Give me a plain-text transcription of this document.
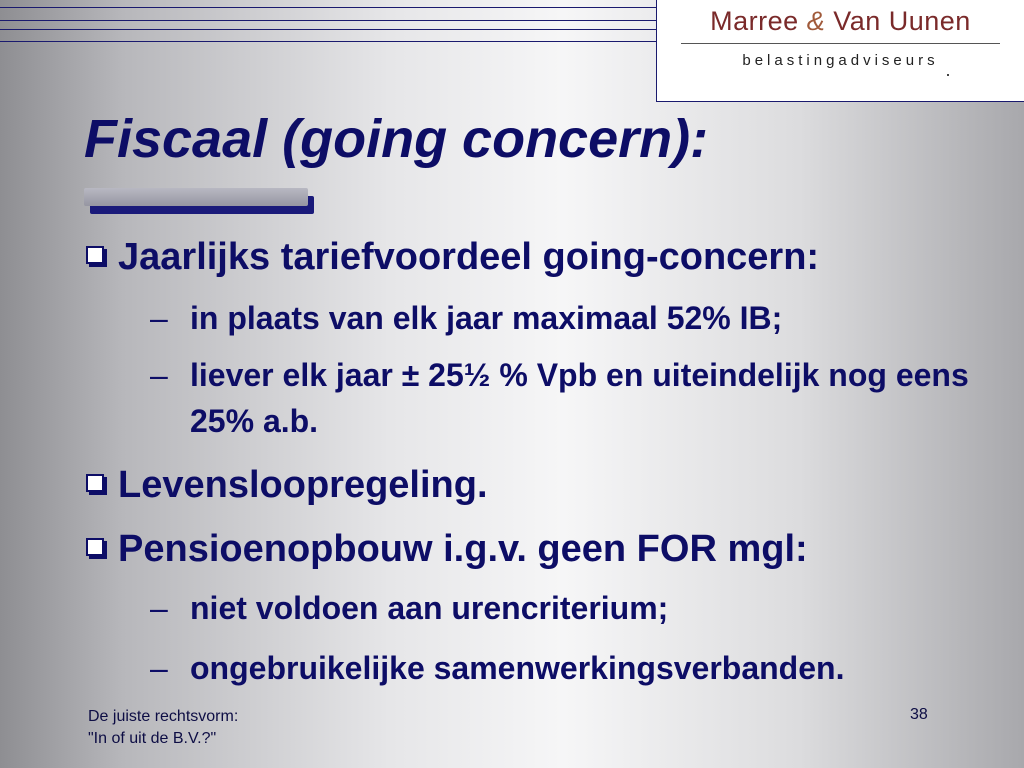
Marree & Van Uunen
belastingadviseurs
Fiscaal (going concern):
Jaarlijks tariefvoordeel going-concern:
– in plaats van elk jaar maximaal 52% IB;
– liever elk jaar ± 25½ % Vpb en uiteindelijk nog eens 25% a.b.
Levensloopregeling.
Pensioenopbouw i.g.v. geen FOR mgl:
– niet voldoen aan urencriterium;
– ongebruikelijke samenwerkingsverbanden.
De juiste rechtsvorm:
"In of uit de B.V.?"
38
